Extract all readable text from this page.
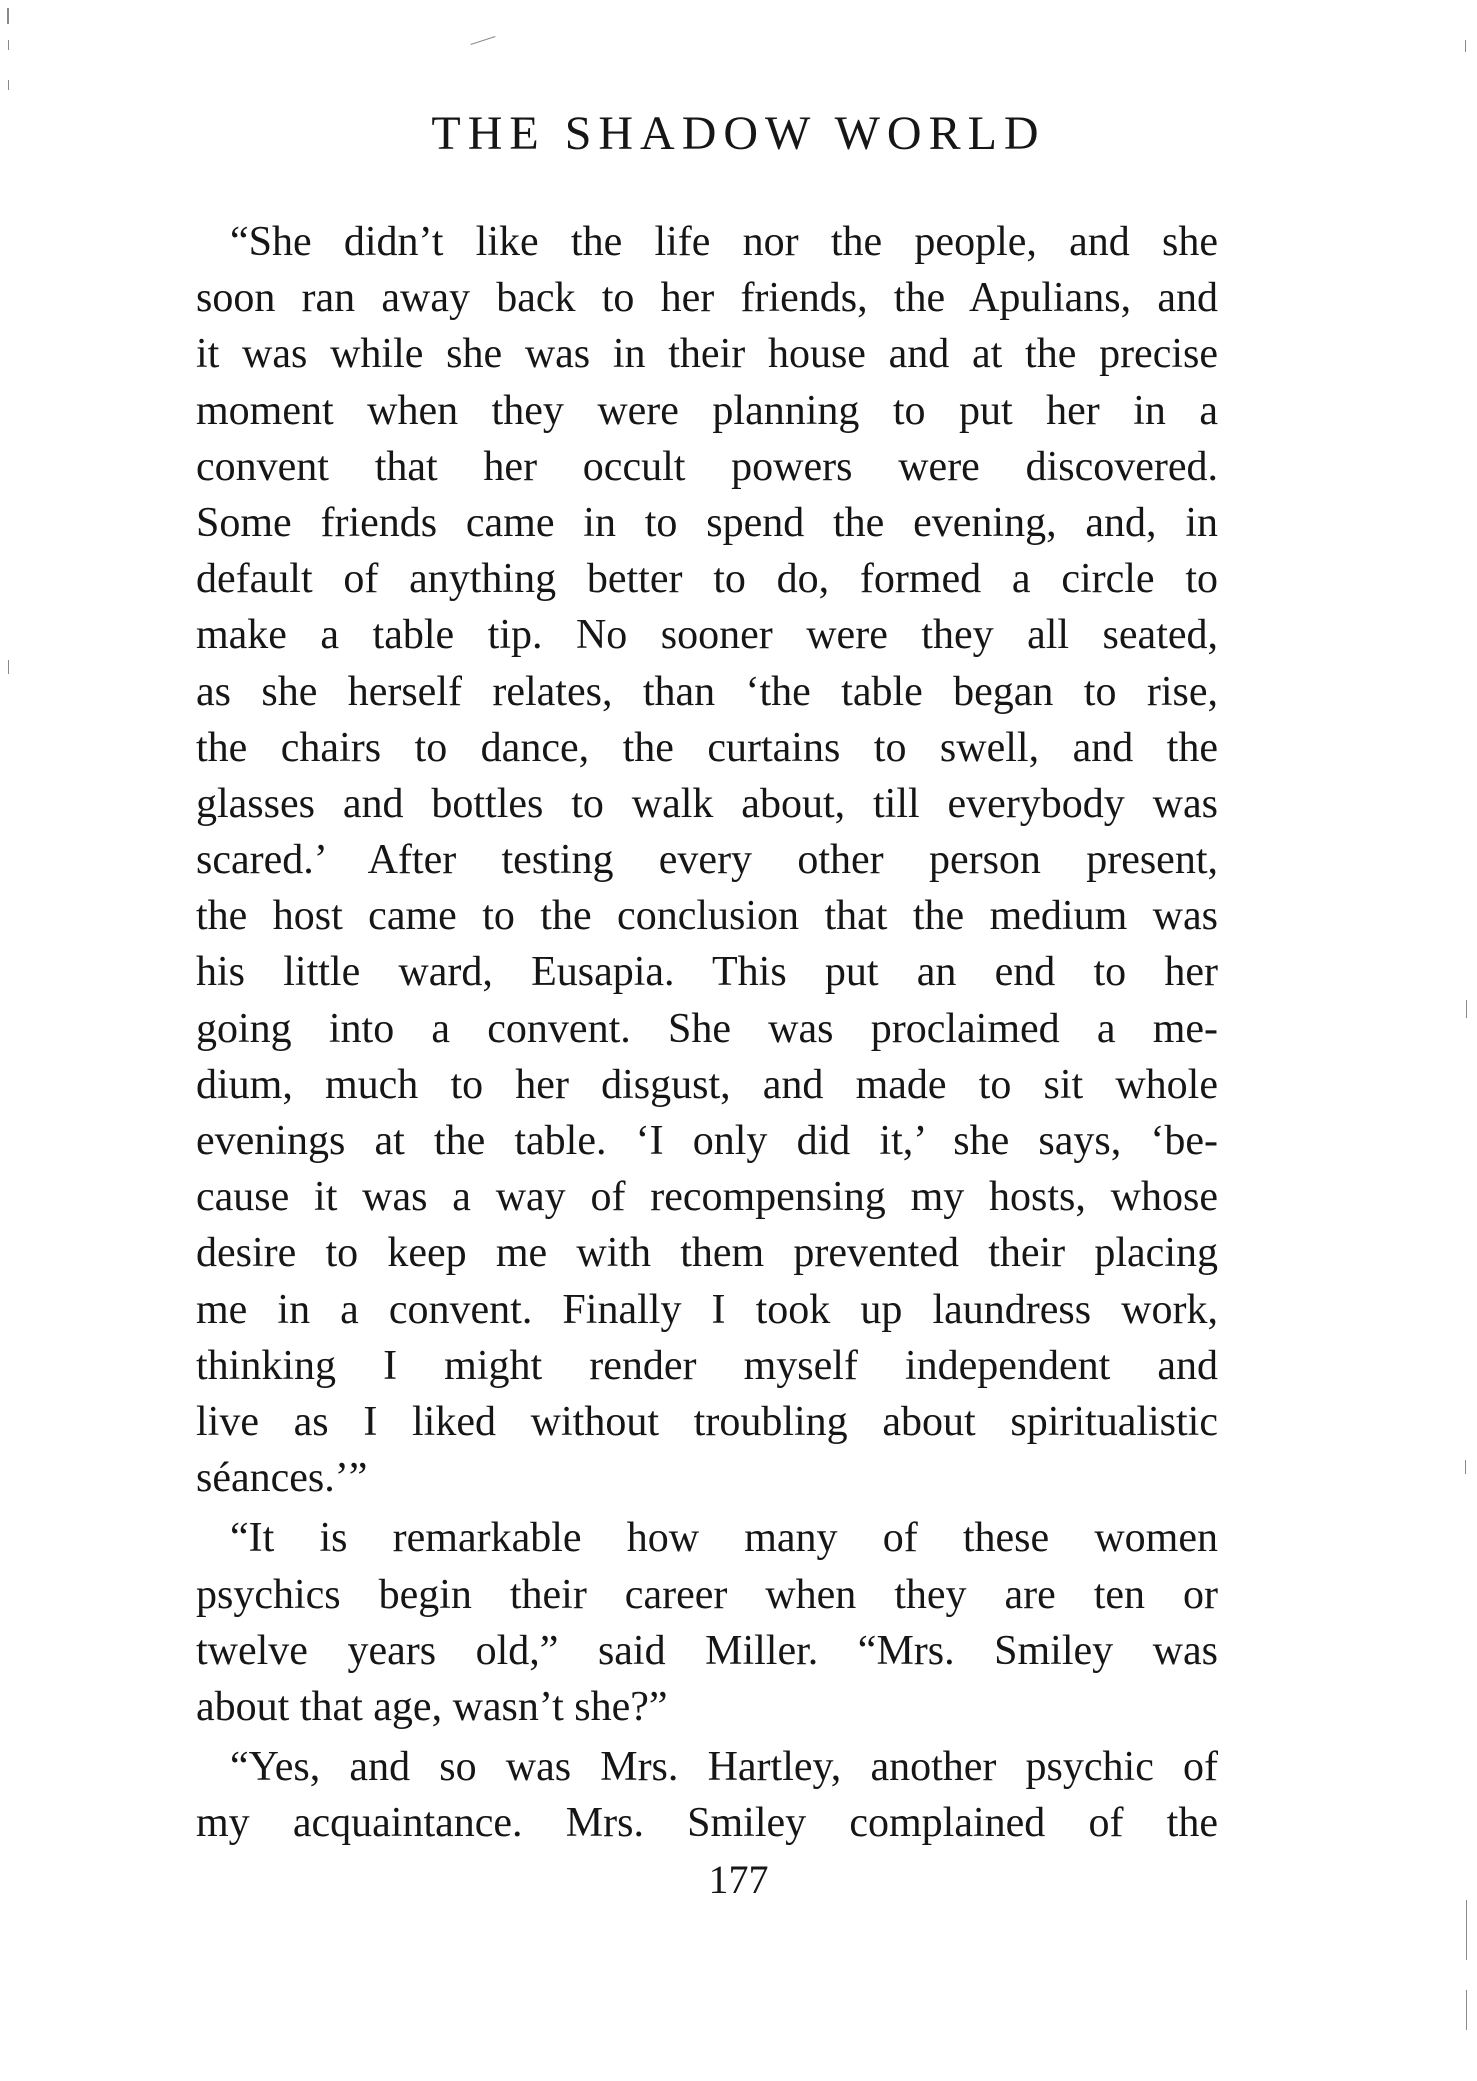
THE SHADOW WORLD
“She didn’t like the life nor the people, and she
soon ran away back to her friends, the Apulians, and
it was while she was in their house and at the precise
moment when they were planning to put her in a
convent that her occult powers were discovered.
Some friends came in to spend the evening, and, in
default of anything better to do, formed a circle to
make a table tip. No sooner were they all seated,
as she herself relates, than ‘the table began to rise,
the chairs to dance, the curtains to swell, and the
glasses and bottles to walk about, till everybody was
scared.’ After testing every other person present,
the host came to the conclusion that the medium was
his little ward, Eusapia. This put an end to her
going into a convent. She was proclaimed a me-
dium, much to her disgust, and made to sit whole
evenings at the table. ‘I only did it,’ she says, ‘be-
cause it was a way of recompensing my hosts, whose
desire to keep me with them prevented their placing
me in a convent. Finally I took up laundress work,
thinking I might render myself independent and
live as I liked without troubling about spiritualistic
séances.’”
“It is remarkable how many of these women
psychics begin their career when they are ten or
twelve years old,” said Miller. “Mrs. Smiley was
about that age, wasn’t she?”
“Yes, and so was Mrs. Hartley, another psychic of
my acquaintance. Mrs. Smiley complained of the
177
